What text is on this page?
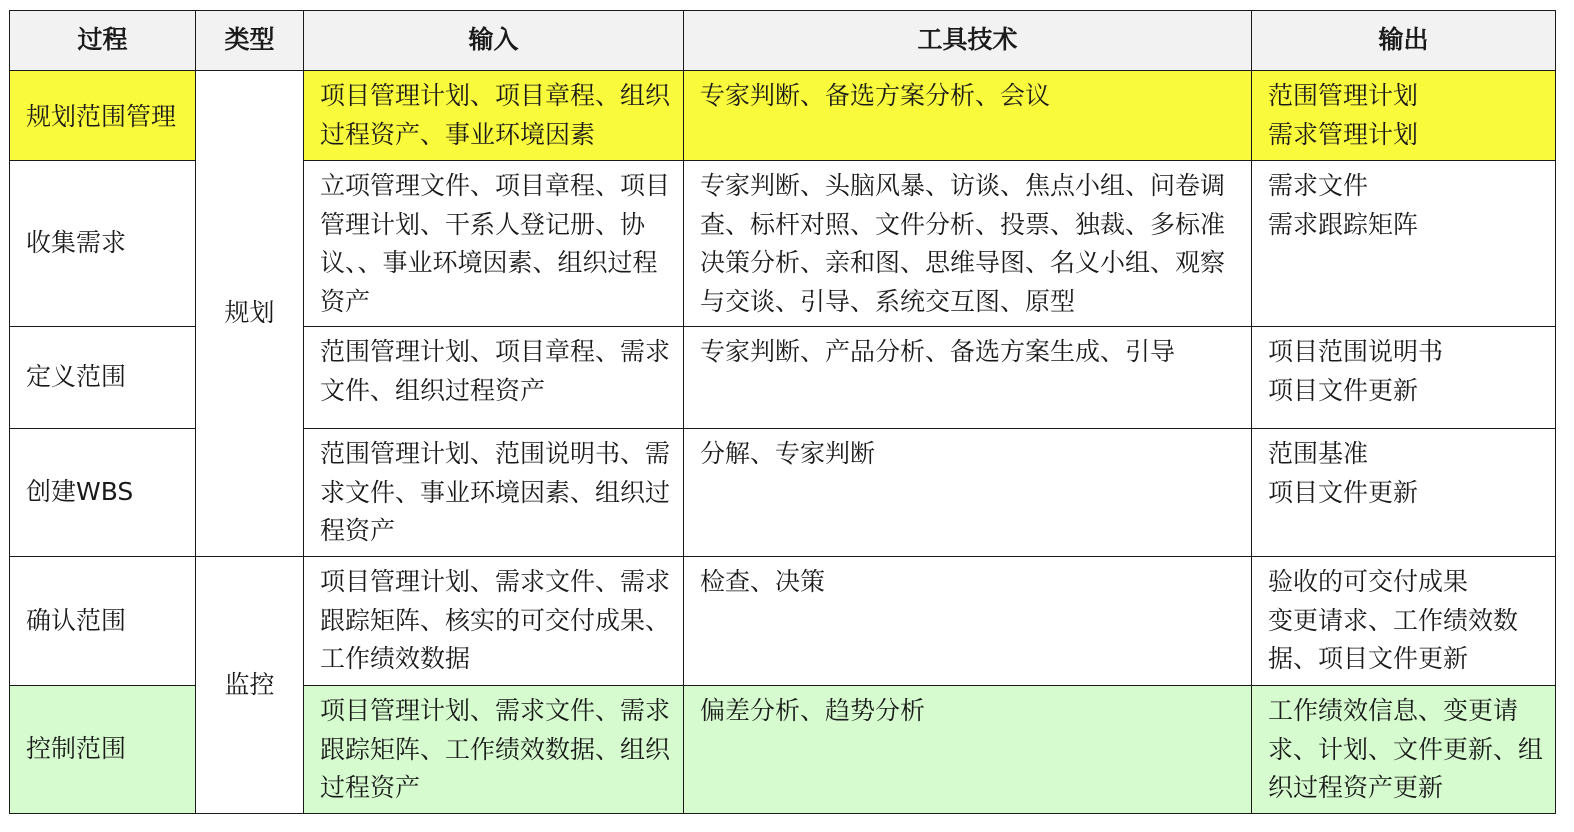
过程	类型	输入	工具技术	输出
规划范围管理	规划	项目管理计划、项目章程、组织过程资产、事业环境因素	专家判断、备选方案分析、会议	范围管理计划
需求管理计划

收集需求		立项管理文件、项目章程、项目管理计划、干系人登记册、协议、、事业环境因素、组织过程资产	专家判断、头脑风暴、访谈、焦点小组、问卷调查、标杆对照、文件分析、投票、独裁、多标准决策分析、亲和图、思维导图、名义小组、观察与交谈、引导、系统交互图、原型	需求文件
需求跟踪矩阵

定义范围		范围管理计划、项目章程、需求文件、组织过程资产	专家判断、产品分析、备选方案生成、引导	项目范围说明书
项目文件更新

创建WBS		范围管理计划、范围说明书、需求文件、事业环境因素、组织过程资产	分解、专家判断	范围基准
项目文件更新

确认范围	监控	项目管理计划、需求文件、需求跟踪矩阵、核实的可交付成果、工作绩效数据	检查、决策	验收的可交付成果
变更请求、工作绩效数据、项目文件更新

控制范围		项目管理计划、需求文件、需求跟踪矩阵、工作绩效数据、组织过程资产	偏差分析、趋势分析	工作绩效信息、变更请求、计划、文件更新、组织过程资产更新
